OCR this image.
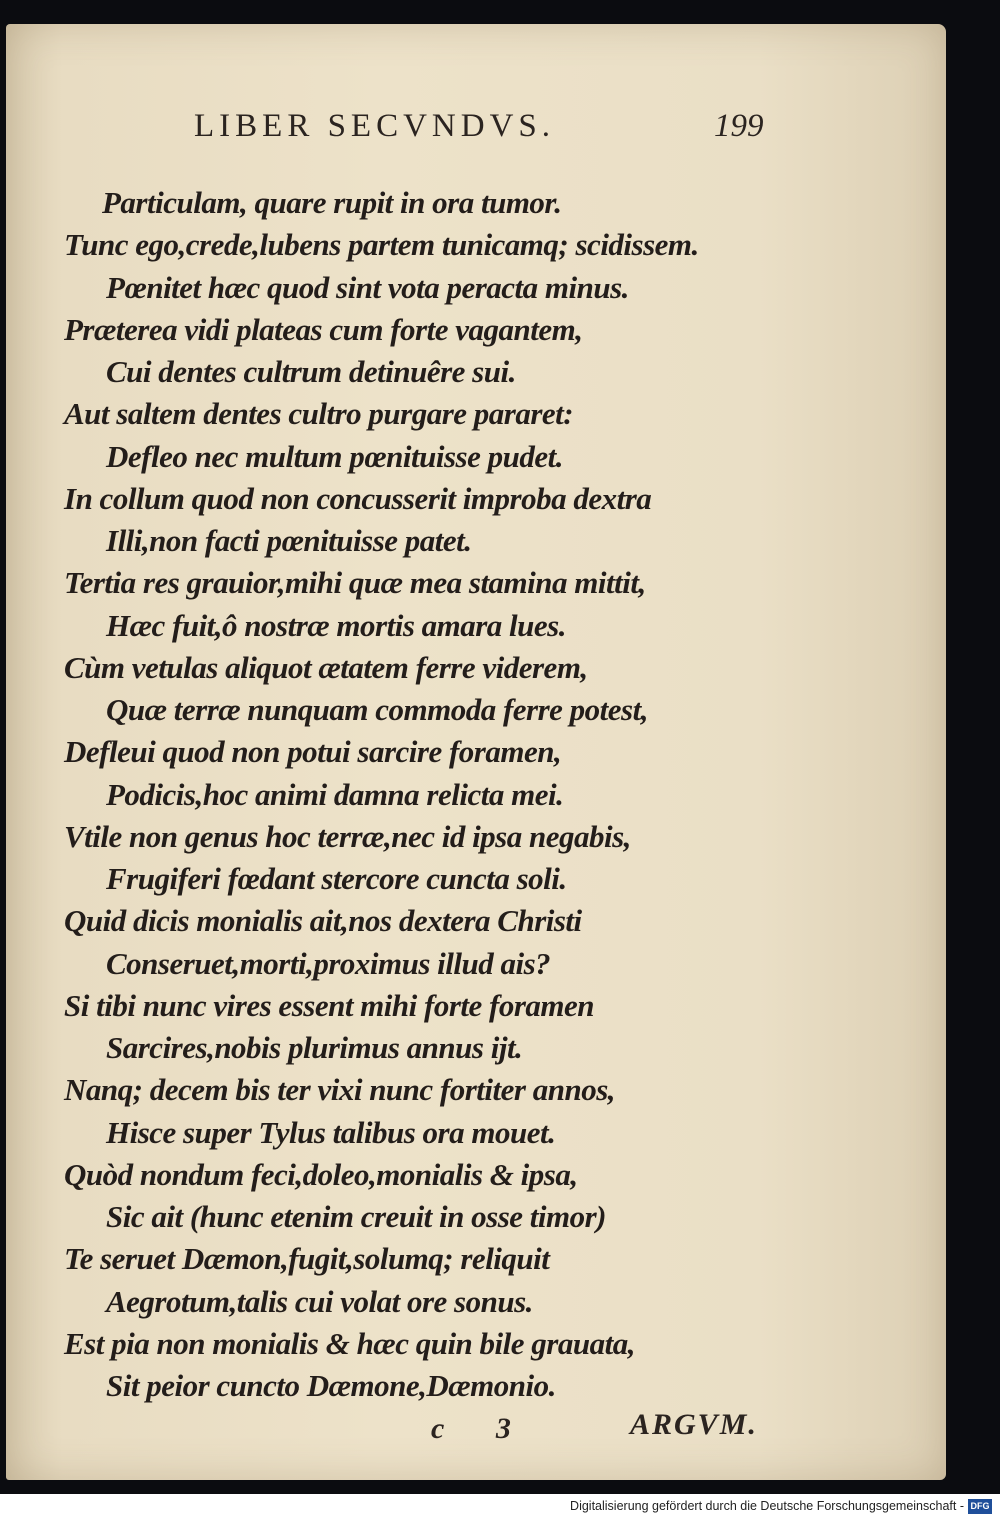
LIBER SECVNDVS.	199
Particulam, quare rupit in ora tumor.
Tunc ego,crede,lubens partem tunicamq; scidissem.
Pœnitet hæc quod sint vota peracta minus.
Præterea vidi plateas cum forte vagantem,
Cui dentes cultrum detinuêre sui.
Aut saltem dentes cultro purgare pararet:
Defleo nec multum pœnituisse pudet.
In collum quod non concusserit improba dextra
Illi,non facti pœnituisse patet.
Tertia res grauior,mihi quæ mea stamina mittit,
Hæc fuit,ô nostræ mortis amara lues.
Cùm vetulas aliquot ætatem ferre viderem,
Quæ terræ nunquam commoda ferre potest,
Defleui quod non potui sarcire foramen,
Podicis,hoc animi damna relicta mei.
Vtile non genus hoc terræ,nec id ipsa negabis,
Frugiferi fœdant stercore cuncta soli.
Quid dicis monialis ait,nos dextera Christi
Conseruet,morti,proximus illud ais?
Si tibi nunc vires essent mihi forte foramen
Sarcires,nobis plurimus annus ijt.
Nanq; decem bis ter vixi nunc fortiter annos,
Hisce super Tylus talibus ora mouet.
Quòd nondum feci,doleo,monialis & ipsa,
Sic ait (hunc etenim creuit in osse timor)
Te seruet Dæmon,fugit,solumq; reliquit
Aegrotum,talis cui volat ore sonus.
Est pia non monialis & hæc quin bile grauata,
Sit peior cuncto Dæmone,Dæmonio.
c 3	ARGVM.
Digitalisierung gefördert durch die Deutsche Forschungsgemeinschaft - DFG
